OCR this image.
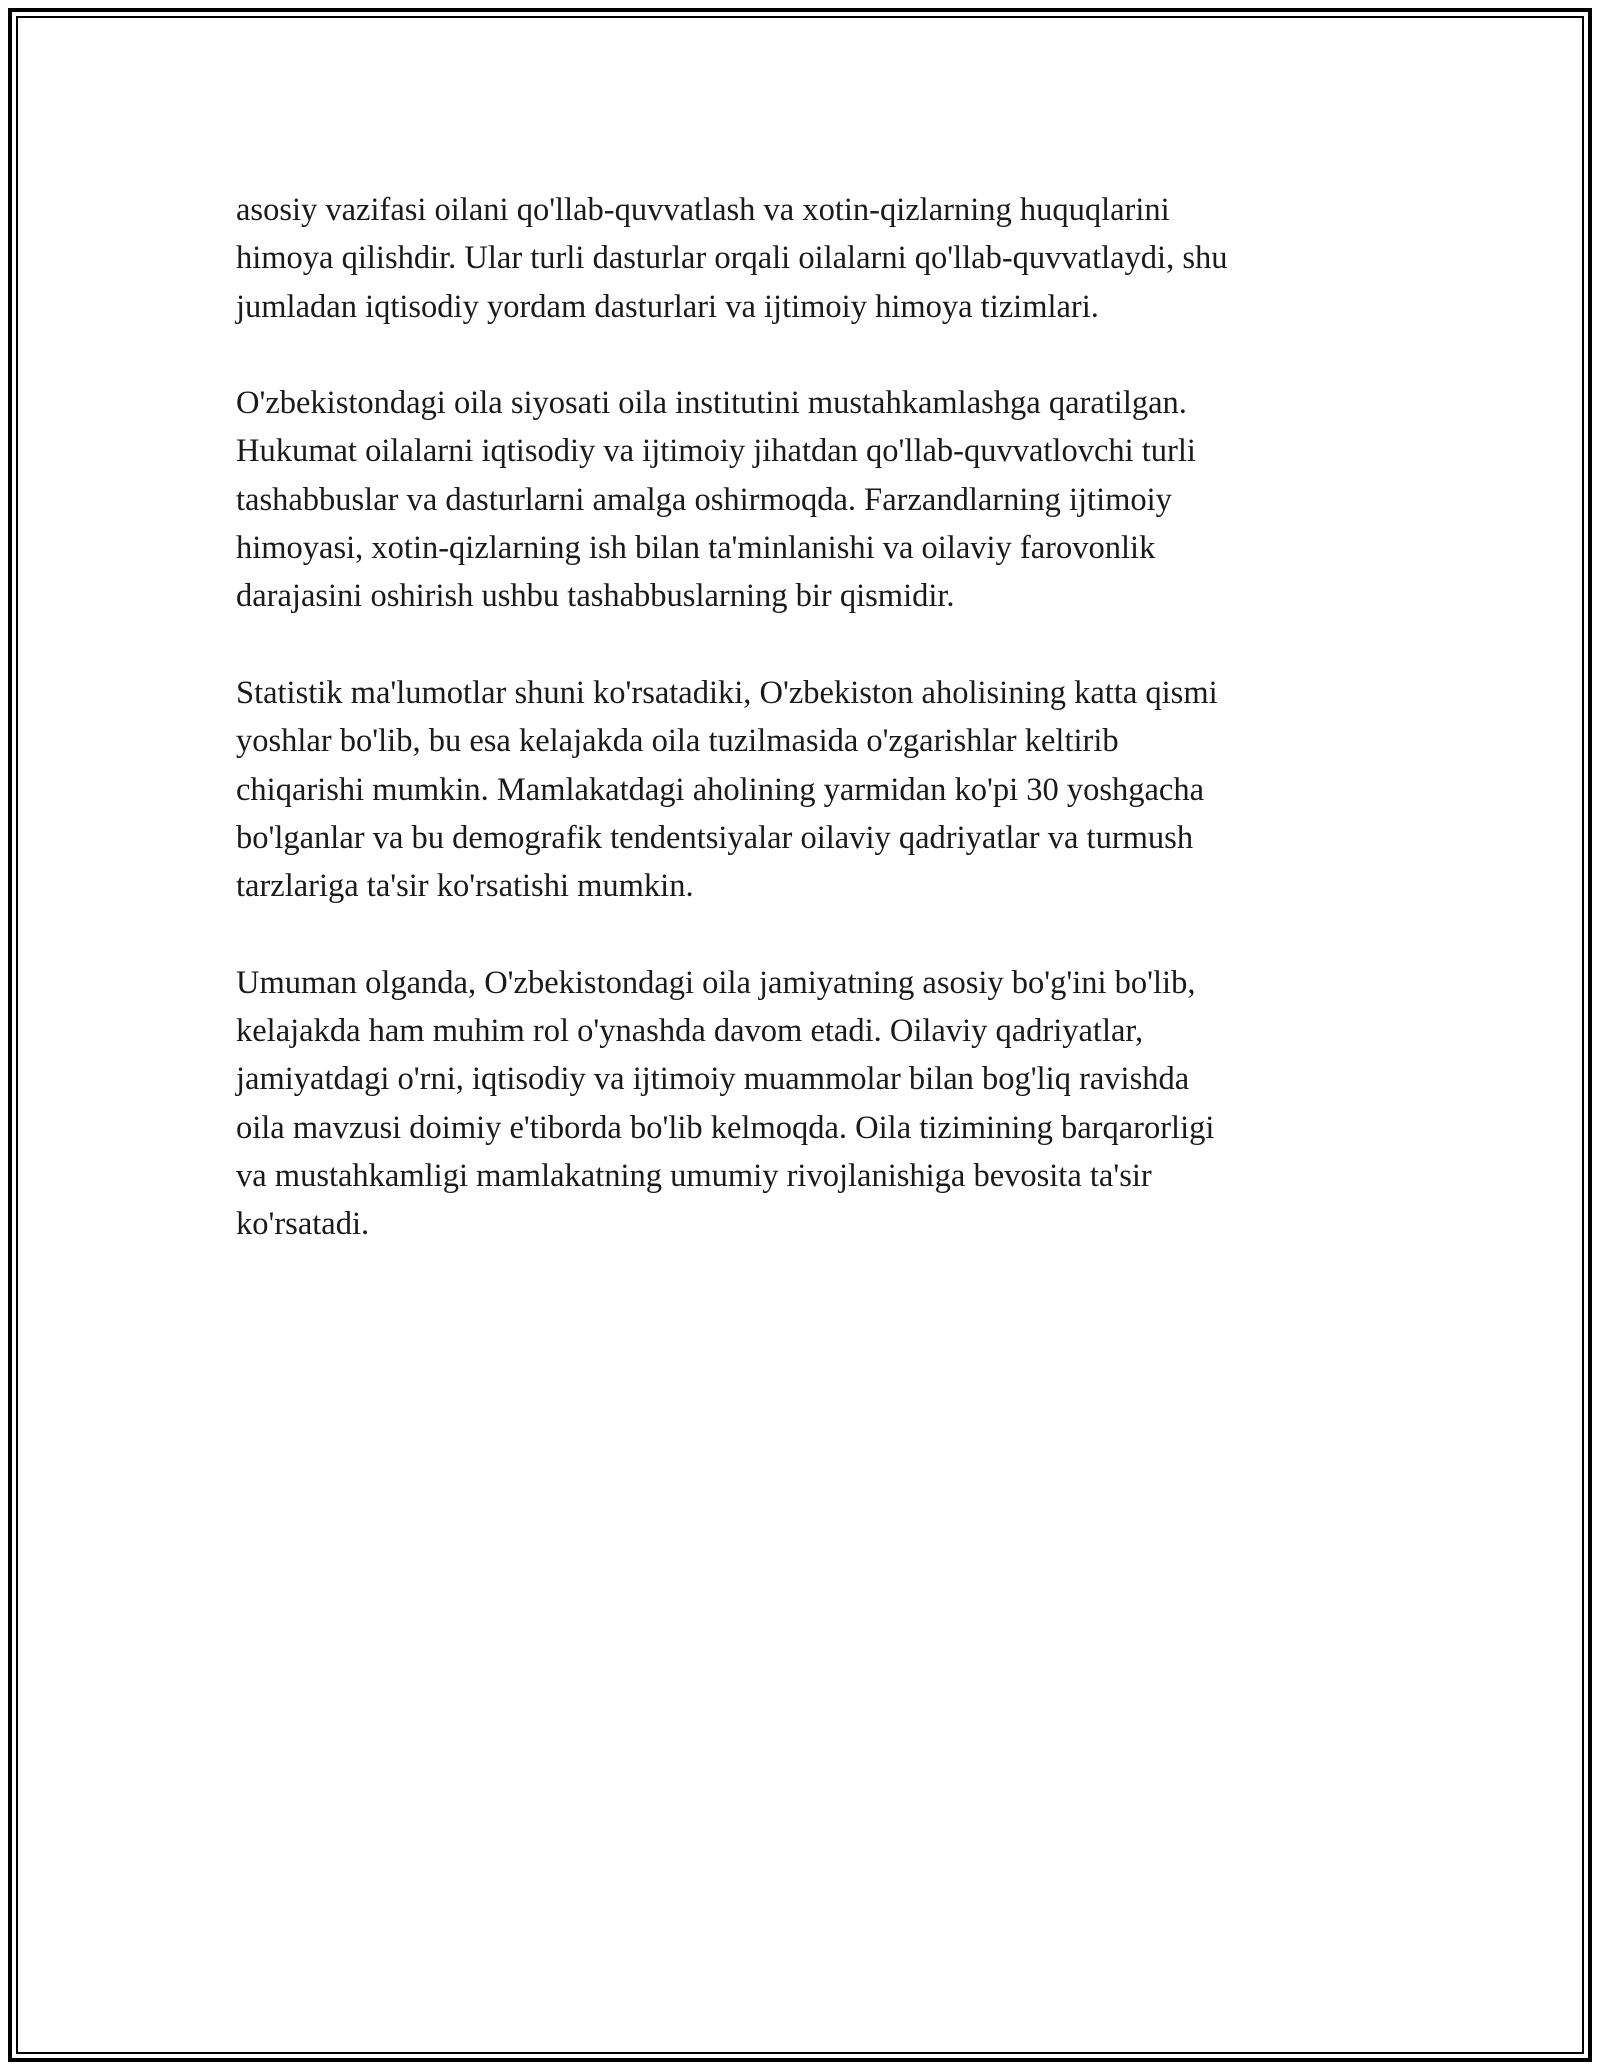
asosiy vazifasi oilani qo'llab-quvvatlash va xotin-qizlarning huquqlarini
himoya qilishdir. Ular turli dasturlar orqali oilalarni qo'llab-quvvatlaydi, shu
jumladan iqtisodiy yordam dasturlari va ijtimoiy himoya tizimlari.

O'zbekistondagi oila siyosati oila institutini mustahkamlashga qaratilgan.
Hukumat oilalarni iqtisodiy va ijtimoiy jihatdan qo'llab-quvvatlovchi turli
tashabbuslar va dasturlarni amalga oshirmoqda. Farzandlarning ijtimoiy
himoyasi, xotin-qizlarning ish bilan ta'minlanishi va oilaviy farovonlik
darajasini oshirish ushbu tashabbuslarning bir qismidir.

Statistik ma'lumotlar shuni ko'rsatadiki, O'zbekiston aholisining katta qismi
yoshlar bo'lib, bu esa kelajakda oila tuzilmasida o'zgarishlar keltirib
chiqarishi mumkin. Mamlakatdagi aholining yarmidan ko'pi 30 yoshgacha
bo'lganlar va bu demografik tendentsiyalar oilaviy qadriyatlar va turmush
tarzlariga ta'sir ko'rsatishi mumkin.

Umuman olganda, O'zbekistondagi oila jamiyatning asosiy bo'g'ini bo'lib,
kelajakda ham muhim rol o'ynashda davom etadi. Oilaviy qadriyatlar,
jamiyatdagi o'rni, iqtisodiy va ijtimoiy muammolar bilan bog'liq ravishda
oila mavzusi doimiy e'tiborda bo'lib kelmoqda. Oila tizimining barqarorligi
va mustahkamligi mamlakatning umumiy rivojlanishiga bevosita ta'sir
ko'rsatadi.
